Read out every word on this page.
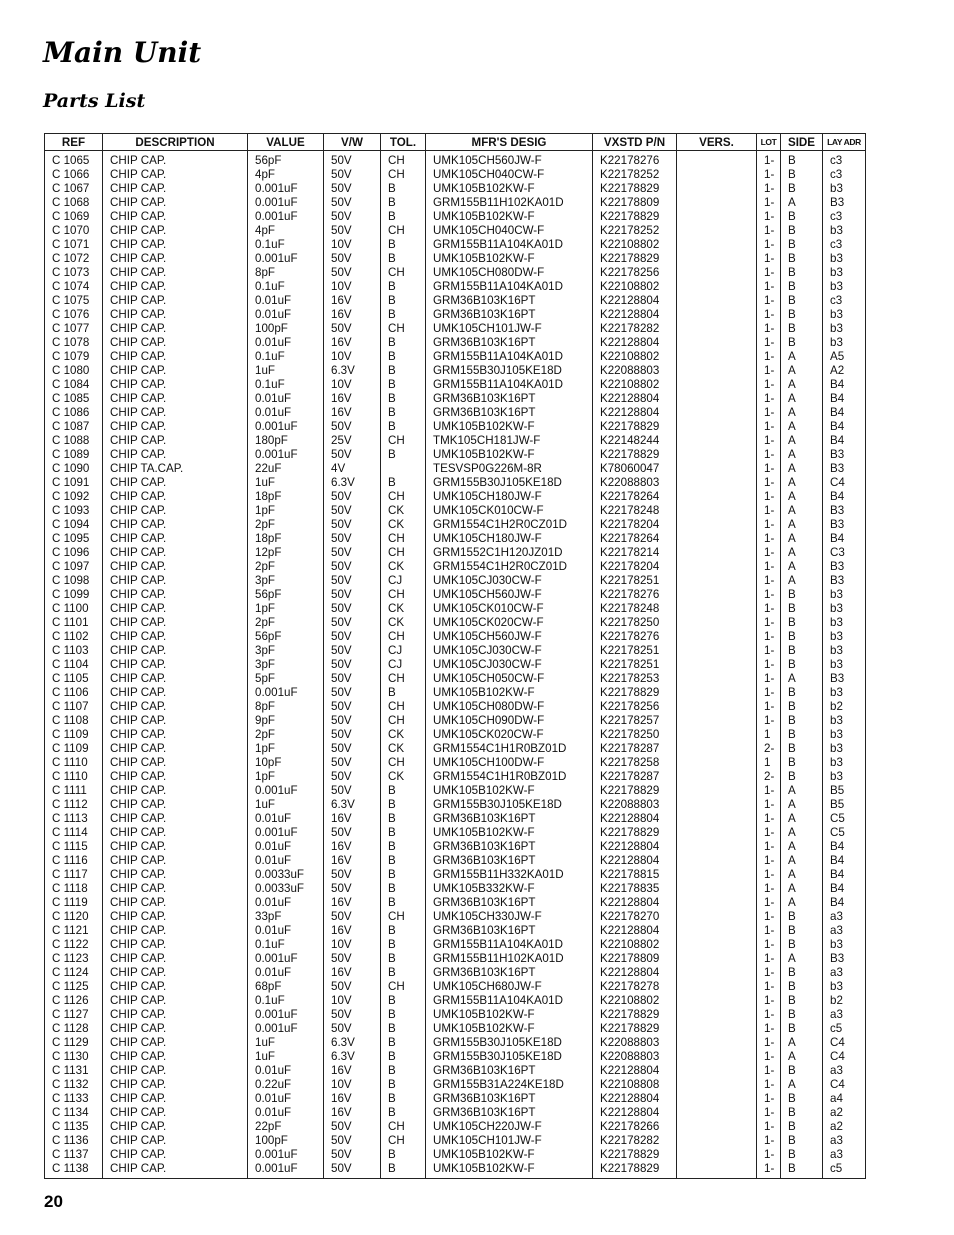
Main Unit
Parts List
REF	DESCRIPTION	VALUE	V/W	TOL.	MFR'S DESIG	VXSTD P/N	VERS.	LOT	SIDE	LAY ADR
C 1065	CHIP CAP.	56pF	50V	CH	UMK105CH560JW-F	K22178276		1-	B	c3
C 1066	CHIP CAP.	4pF	50V	CH	UMK105CH040CW-F	K22178252		1-	B	c3
C 1067	CHIP CAP.	0.001uF	50V	B	UMK105B102KW-F	K22178829		1-	B	b3
C 1068	CHIP CAP.	0.001uF	50V	B	GRM155B11H102KA01D	K22178809		1-	A	B3
C 1069	CHIP CAP.	0.001uF	50V	B	UMK105B102KW-F	K22178829		1-	B	c3
C 1070	CHIP CAP.	4pF	50V	CH	UMK105CH040CW-F	K22178252		1-	B	b3
C 1071	CHIP CAP.	0.1uF	10V	B	GRM155B11A104KA01D	K22108802		1-	B	c3
C 1072	CHIP CAP.	0.001uF	50V	B	UMK105B102KW-F	K22178829		1-	B	b3
C 1073	CHIP CAP.	8pF	50V	CH	UMK105CH080DW-F	K22178256		1-	B	b3
C 1074	CHIP CAP.	0.1uF	10V	B	GRM155B11A104KA01D	K22108802		1-	B	b3
C 1075	CHIP CAP.	0.01uF	16V	B	GRM36B103K16PT	K22128804		1-	B	c3
C 1076	CHIP CAP.	0.01uF	16V	B	GRM36B103K16PT	K22128804		1-	B	b3
C 1077	CHIP CAP.	100pF	50V	CH	UMK105CH101JW-F	K22178282		1-	B	b3
C 1078	CHIP CAP.	0.01uF	16V	B	GRM36B103K16PT	K22128804		1-	B	b3
C 1079	CHIP CAP.	0.1uF	10V	B	GRM155B11A104KA01D	K22108802		1-	A	A5
C 1080	CHIP CAP.	1uF	6.3V	B	GRM155B30J105KE18D	K22088803		1-	A	A2
C 1084	CHIP CAP.	0.1uF	10V	B	GRM155B11A104KA01D	K22108802		1-	A	B4
C 1085	CHIP CAP.	0.01uF	16V	B	GRM36B103K16PT	K22128804		1-	A	B4
C 1086	CHIP CAP.	0.01uF	16V	B	GRM36B103K16PT	K22128804		1-	A	B4
C 1087	CHIP CAP.	0.001uF	50V	B	UMK105B102KW-F	K22178829		1-	A	B4
C 1088	CHIP CAP.	180pF	25V	CH	TMK105CH181JW-F	K22148244		1-	A	B4
C 1089	CHIP CAP.	0.001uF	50V	B	UMK105B102KW-F	K22178829		1-	A	B3
C 1090	CHIP TA.CAP.	22uF	4V		TESVSP0G226M-8R	K78060047		1-	A	B3
C 1091	CHIP CAP.	1uF	6.3V	B	GRM155B30J105KE18D	K22088803		1-	A	C4
C 1092	CHIP CAP.	18pF	50V	CH	UMK105CH180JW-F	K22178264		1-	A	B4
C 1093	CHIP CAP.	1pF	50V	CK	UMK105CK010CW-F	K22178248		1-	A	B3
C 1094	CHIP CAP.	2pF	50V	CK	GRM1554C1H2R0CZ01D	K22178204		1-	A	B3
C 1095	CHIP CAP.	18pF	50V	CH	UMK105CH180JW-F	K22178264		1-	A	B4
C 1096	CHIP CAP.	12pF	50V	CH	GRM1552C1H120JZ01D	K22178214		1-	A	C3
C 1097	CHIP CAP.	2pF	50V	CK	GRM1554C1H2R0CZ01D	K22178204		1-	A	B3
C 1098	CHIP CAP.	3pF	50V	CJ	UMK105CJ030CW-F	K22178251		1-	A	B3
C 1099	CHIP CAP.	56pF	50V	CH	UMK105CH560JW-F	K22178276		1-	B	b3
C 1100	CHIP CAP.	1pF	50V	CK	UMK105CK010CW-F	K22178248		1-	B	b3
C 1101	CHIP CAP.	2pF	50V	CK	UMK105CK020CW-F	K22178250		1-	B	b3
C 1102	CHIP CAP.	56pF	50V	CH	UMK105CH560JW-F	K22178276		1-	B	b3
C 1103	CHIP CAP.	3pF	50V	CJ	UMK105CJ030CW-F	K22178251		1-	B	b3
C 1104	CHIP CAP.	3pF	50V	CJ	UMK105CJ030CW-F	K22178251		1-	B	b3
C 1105	CHIP CAP.	5pF	50V	CH	UMK105CH050CW-F	K22178253		1-	A	B3
C 1106	CHIP CAP.	0.001uF	50V	B	UMK105B102KW-F	K22178829		1-	B	b3
C 1107	CHIP CAP.	8pF	50V	CH	UMK105CH080DW-F	K22178256		1-	B	b2
C 1108	CHIP CAP.	9pF	50V	CH	UMK105CH090DW-F	K22178257		1-	B	b3
C 1109	CHIP CAP.	2pF	50V	CK	UMK105CK020CW-F	K22178250		1	B	b3
C 1109	CHIP CAP.	1pF	50V	CK	GRM1554C1H1R0BZ01D	K22178287		2-	B	b3
C 1110	CHIP CAP.	10pF	50V	CH	UMK105CH100DW-F	K22178258		1	B	b3
C 1110	CHIP CAP.	1pF	50V	CK	GRM1554C1H1R0BZ01D	K22178287		2-	B	b3
C 1111	CHIP CAP.	0.001uF	50V	B	UMK105B102KW-F	K22178829		1-	A	B5
C 1112	CHIP CAP.	1uF	6.3V	B	GRM155B30J105KE18D	K22088803		1-	A	B5
C 1113	CHIP CAP.	0.01uF	16V	B	GRM36B103K16PT	K22128804		1-	A	C5
C 1114	CHIP CAP.	0.001uF	50V	B	UMK105B102KW-F	K22178829		1-	A	C5
C 1115	CHIP CAP.	0.01uF	16V	B	GRM36B103K16PT	K22128804		1-	A	B4
C 1116	CHIP CAP.	0.01uF	16V	B	GRM36B103K16PT	K22128804		1-	A	B4
C 1117	CHIP CAP.	0.0033uF	50V	B	GRM155B11H332KA01D	K22178815		1-	A	B4
C 1118	CHIP CAP.	0.0033uF	50V	B	UMK105B332KW-F	K22178835		1-	A	B4
C 1119	CHIP CAP.	0.01uF	16V	B	GRM36B103K16PT	K22128804		1-	A	B4
C 1120	CHIP CAP.	33pF	50V	CH	UMK105CH330JW-F	K22178270		1-	B	a3
C 1121	CHIP CAP.	0.01uF	16V	B	GRM36B103K16PT	K22128804		1-	B	a3
C 1122	CHIP CAP.	0.1uF	10V	B	GRM155B11A104KA01D	K22108802		1-	B	b3
C 1123	CHIP CAP.	0.001uF	50V	B	GRM155B11H102KA01D	K22178809		1-	A	B3
C 1124	CHIP CAP.	0.01uF	16V	B	GRM36B103K16PT	K22128804		1-	B	a3
C 1125	CHIP CAP.	68pF	50V	CH	UMK105CH680JW-F	K22178278		1-	B	b3
C 1126	CHIP CAP.	0.1uF	10V	B	GRM155B11A104KA01D	K22108802		1-	B	b2
C 1127	CHIP CAP.	0.001uF	50V	B	UMK105B102KW-F	K22178829		1-	B	a3
C 1128	CHIP CAP.	0.001uF	50V	B	UMK105B102KW-F	K22178829		1-	B	c5
C 1129	CHIP CAP.	1uF	6.3V	B	GRM155B30J105KE18D	K22088803		1-	A	C4
C 1130	CHIP CAP.	1uF	6.3V	B	GRM155B30J105KE18D	K22088803		1-	A	C4
C 1131	CHIP CAP.	0.01uF	16V	B	GRM36B103K16PT	K22128804		1-	B	a3
C 1132	CHIP CAP.	0.22uF	10V	B	GRM155B31A224KE18D	K22108808		1-	A	C4
C 1133	CHIP CAP.	0.01uF	16V	B	GRM36B103K16PT	K22128804		1-	B	a4
C 1134	CHIP CAP.	0.01uF	16V	B	GRM36B103K16PT	K22128804		1-	B	a2
C 1135	CHIP CAP.	22pF	50V	CH	UMK105CH220JW-F	K22178266		1-	B	a2
C 1136	CHIP CAP.	100pF	50V	CH	UMK105CH101JW-F	K22178282		1-	B	a3
C 1137	CHIP CAP.	0.001uF	50V	B	UMK105B102KW-F	K22178829		1-	B	a3
C 1138	CHIP CAP.	0.001uF	50V	B	UMK105B102KW-F	K22178829		1-	B	c5
20
